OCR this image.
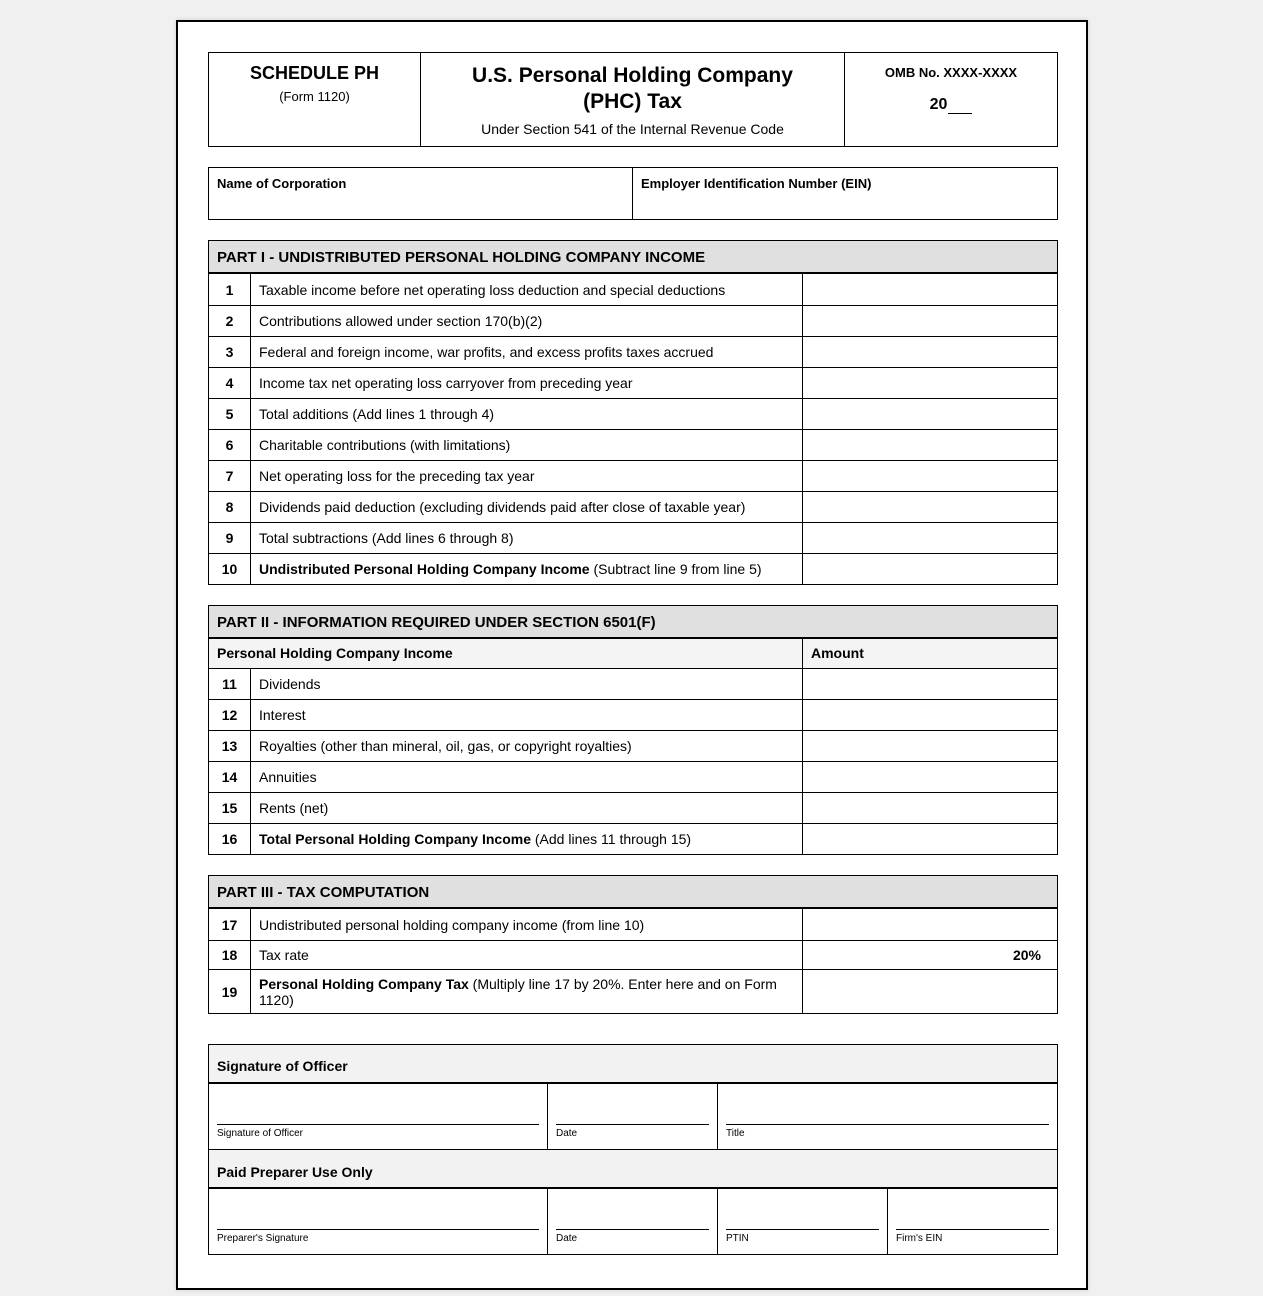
SCHEDULE PH
(Form 1120)
U.S. Personal Holding Company (PHC) Tax
Under Section 541 of the Internal Revenue Code
OMB No. XXXX-XXXX
20
Name of Corporation	Employer Identification Number (EIN)
PART I - UNDISTRIBUTED PERSONAL HOLDING COMPANY INCOME
1	Taxable income before net operating loss deduction and special deductions
2	Contributions allowed under section 170(b)(2)
3	Federal and foreign income, war profits, and excess profits taxes accrued
4	Income tax net operating loss carryover from preceding year
5	Total additions (Add lines 1 through 4)
6	Charitable contributions (with limitations)
7	Net operating loss for the preceding tax year
8	Dividends paid deduction (excluding dividends paid after close of taxable year)
9	Total subtractions (Add lines 6 through 8)
10	Undistributed Personal Holding Company Income (Subtract line 9 from line 5)
PART II - INFORMATION REQUIRED UNDER SECTION 6501(F)
Personal Holding Company Income	Amount
11	Dividends
12	Interest
13	Royalties (other than mineral, oil, gas, or copyright royalties)
14	Annuities
15	Rents (net)
16	Total Personal Holding Company Income (Add lines 11 through 15)
PART III - TAX COMPUTATION
17	Undistributed personal holding company income (from line 10)
18	Tax rate	20%
19	Personal Holding Company Tax (Multiply line 17 by 20%. Enter here and on Form 1120)
Signature of Officer
Signature of Officer	Date	Title
Paid Preparer Use Only
Preparer's Signature	Date	PTIN	Firm's EIN
